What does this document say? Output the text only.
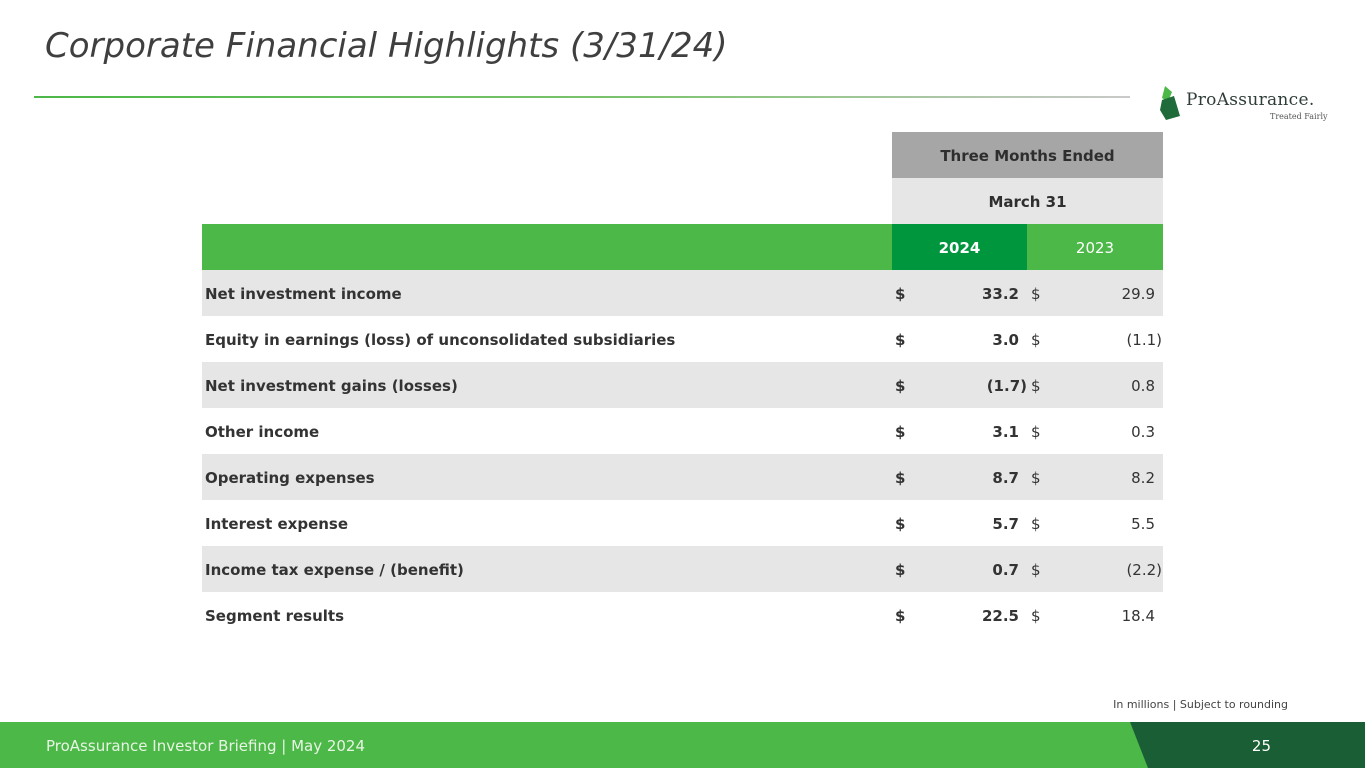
Corporate Financial Highlights (3/31/24)
ProAssurance.
Treated Fairly
Three Months Ended
March 31
2024	2023
Net investment income	$	33.2 $	29.9
Equity in earnings (loss) of unconsolidated subsidiaries	$	3.0 $	(1.1)
Net investment gains (losses)	$	(1.7) $	0.8
Other income	$	3.1 $	0.3
Operating expenses	$	8.7 $	8.2
Interest expense	$	5.7 $	5.5
Income tax expense / (benefit)	$	0.7 $	(2.2)
Segment results	$	22.5 $	18.4
In millions | Subject to rounding
ProAssurance Investor Briefing | May 2024	25
